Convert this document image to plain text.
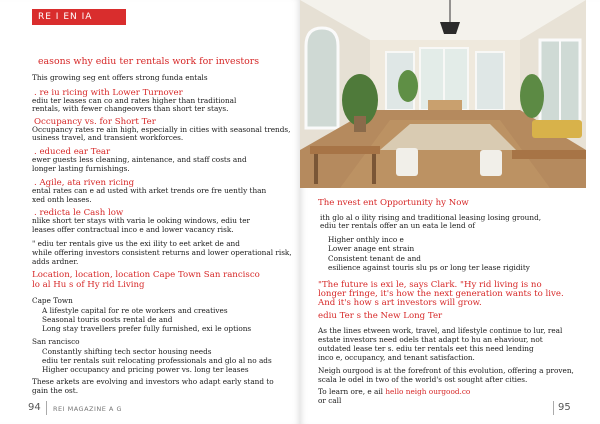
RE I EN IA
easons why ediu ter rentals work for investors
This growing seg ent offers strong funda entals
. re iu ricing with Lower Turnover
ediu ter leases can co and rates higher than traditional
rentals, with fewer changeovers than short ter stays.
Occupancy vs. for Short Ter
Occupancy rates re ain high, especially in cities with seasonal trends,
usiness travel, and transient workforces.
. educed ear Tear
ewer guests less cleaning, aintenance, and staff costs and
longer lasting furnishings.
. Agile, ata riven ricing
ental rates can e ad usted with arket trends ore fre uently than
xed onth leases.
. redicta le Cash low
nlike short ter stays with varia le ooking windows, ediu ter
leases offer contractual inco e and lower vacancy risk.
" ediu ter rentals give us the exi ility to eet arket de and
while offering investors consistent returns and lower operational risk,
adds ardner.
Location, location, location Cape Town San rancisco
lo al Hu s of Hy rid Living
Cape Town
A lifestyle capital for re ote workers and creatives
Seasonal touris oosts rental de and
Long stay travellers prefer fully furnished, exi le options
San rancisco
Constantly shifting tech sector housing needs
ediu ter rentals suit relocating professionals and glo al no ads
Higher occupancy and pricing power vs. long ter leases
These arkets are evolving and investors who adapt early stand to
gain the ost.
94 REI MAGAZINE A G
The nvest ent Opportunity hy Now
ith glo al o ility rising and traditional leasing losing ground,
ediu ter rentals offer an un eata le lend of
Higher onthly inco e
Lower anage ent strain
Consistent tenant de and
esilience against touris slu ps or long ter lease rigidity
"The future is exi le, says Clark. "Hy rid living is no
longer fringe, it's how the next generation wants to live.
And it's how s art investors will grow.
ediu Ter s the New Long Ter
As the lines etween work, travel, and lifestyle continue to lur, real
estate investors need odels that adapt to hu an ehaviour, not
outdated lease ter s. ediu ter rentals eet this need lending
inco e, occupancy, and tenant satisfaction.
Neigh ourgood is at the forefront of this evolution, offering a proven,
scala le odel in two of the world's ost sought after cities.
To learn ore, e ail hello neigh ourgood.co
or call
95
